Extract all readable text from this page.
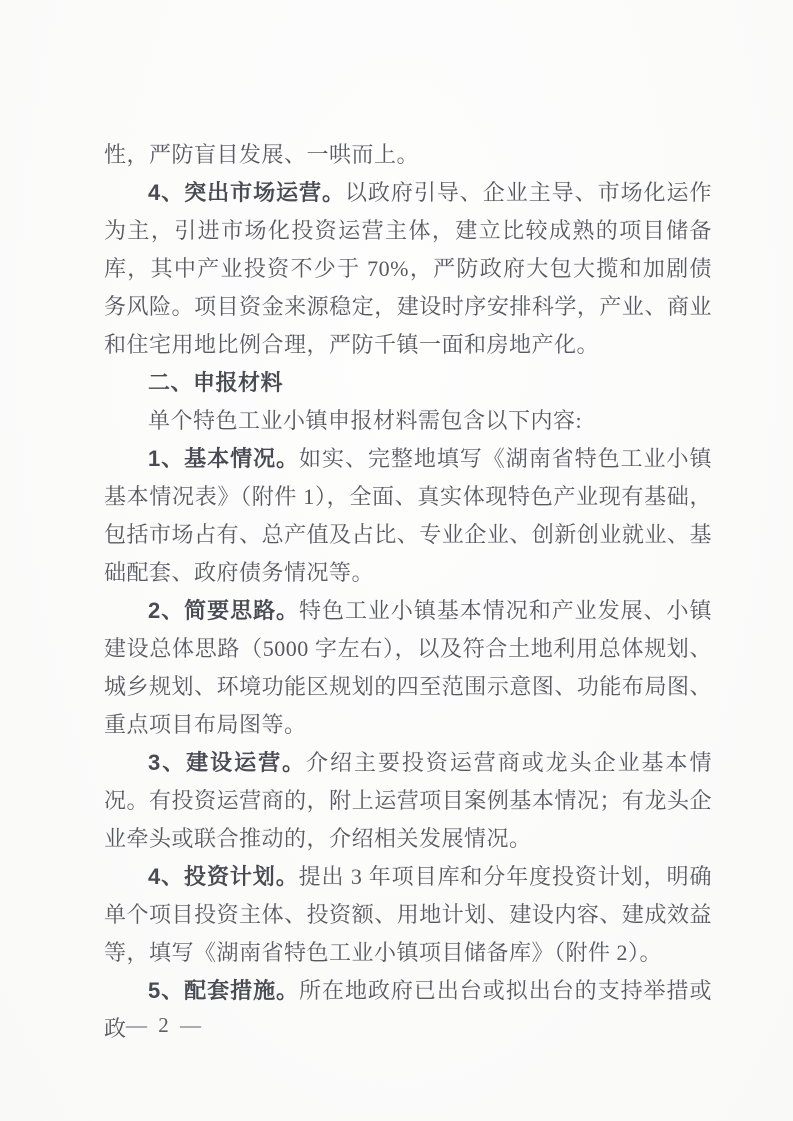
性，严防盲目发展、一哄而上。

4、突出市场运营。以政府引导、企业主导、市场化运作为主，引进市场化投资运营主体，建立比较成熟的项目储备库，其中产业投资不少于 70%，严防政府大包大揽和加剧债务风险。项目资金来源稳定，建设时序安排科学，产业、商业和住宅用地比例合理，严防千镇一面和房地产化。

二、申报材料

单个特色工业小镇申报材料需包含以下内容:

1、基本情况。如实、完整地填写《湖南省特色工业小镇基本情况表》（附件 1），全面、真实体现特色产业现有基础，包括市场占有、总产值及占比、专业企业、创新创业就业、基础配套、政府债务情况等。

2、简要思路。特色工业小镇基本情况和产业发展、小镇建设总体思路（5000 字左右），以及符合土地利用总体规划、城乡规划、环境功能区规划的四至范围示意图、功能布局图、重点项目布局图等。

3、建设运营。介绍主要投资运营商或龙头企业基本情况。有投资运营商的，附上运营项目案例基本情况；有龙头企业牵头或联合推动的，介绍相关发展情况。

4、投资计划。提出 3 年项目库和分年度投资计划，明确单个项目投资主体、投资额、用地计划、建设内容、建成效益等，填写《湖南省特色工业小镇项目储备库》（附件 2）。

5、配套措施。所在地政府已出台或拟出台的支持举措或政 — 2 —
